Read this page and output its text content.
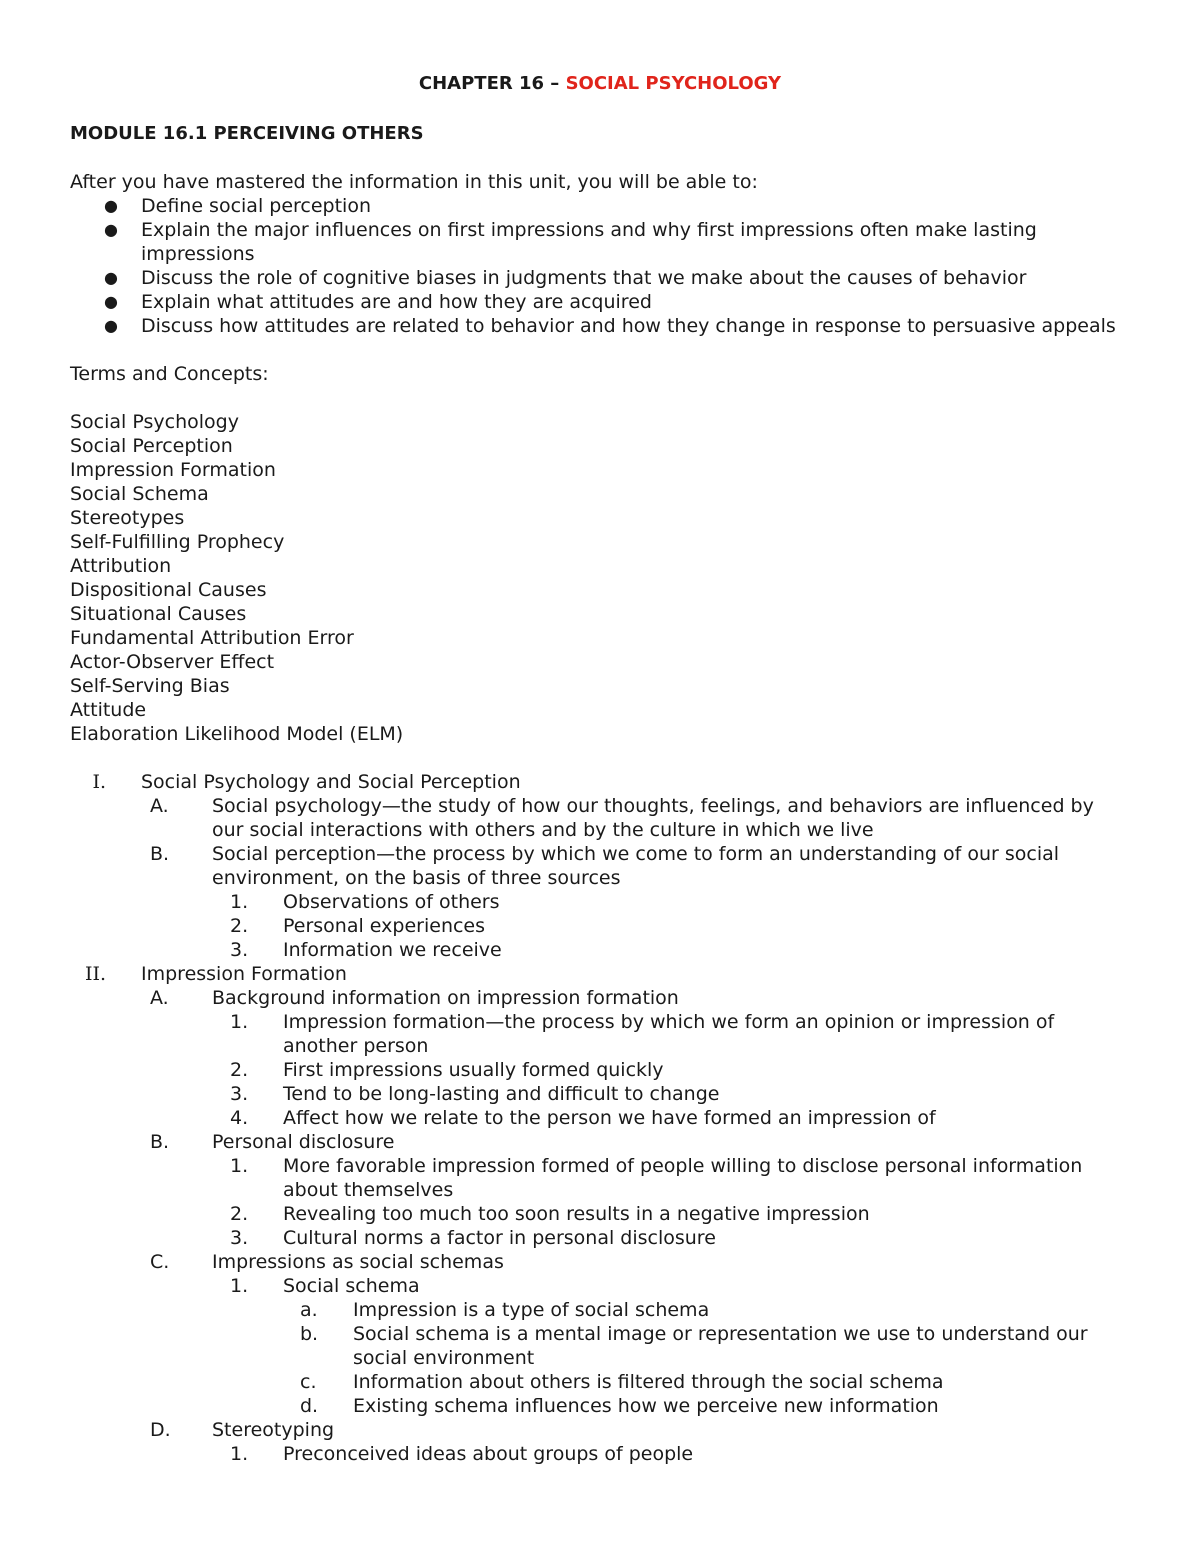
CHAPTER 16 – SOCIAL PSYCHOLOGY
MODULE 16.1 PERCEIVING OTHERS
After you have mastered the information in this unit, you will be able to:
● Define social perception
● Explain the major influences on first impressions and why first impressions often make lasting impressions
● Discuss the role of cognitive biases in judgments that we make about the causes of behavior
● Explain what attitudes are and how they are acquired
● Discuss how attitudes are related to behavior and how they change in response to persuasive appeals
Terms and Concepts:
Social Psychology
Social Perception
Impression Formation
Social Schema
Stereotypes
Self-Fulfilling Prophecy
Attribution
Dispositional Causes
Situational Causes
Fundamental Attribution Error
Actor-Observer Effect
Self-Serving Bias
Attitude
Elaboration Likelihood Model (ELM)
I. Social Psychology and Social Perception
A.	Social psychology—the study of how our thoughts, feelings, and behaviors are influenced by our social interactions with others and by the culture in which we live
B.	Social perception—the process by which we come to form an understanding of our social environment, on the basis of three sources
1.	Observations of others
2.	Personal experiences
3.	Information we receive
II. Impression Formation
A.	Background information on impression formation
1.	Impression formation—the process by which we form an opinion or impression of another person
2.	First impressions usually formed quickly
3.	Tend to be long-lasting and difficult to change
4.	Affect how we relate to the person we have formed an impression of
B.	Personal disclosure
1.	More favorable impression formed of people willing to disclose personal information about themselves
2.	Revealing too much too soon results in a negative impression
3.	Cultural norms a factor in personal disclosure
C.	Impressions as social schemas
1.	Social schema
a.	Impression is a type of social schema
b.	Social schema is a mental image or representation we use to understand our social environment
c.	Information about others is filtered through the social schema
d.	Existing schema influences how we perceive new information
D.	Stereotyping
1.	Preconceived ideas about groups of people
